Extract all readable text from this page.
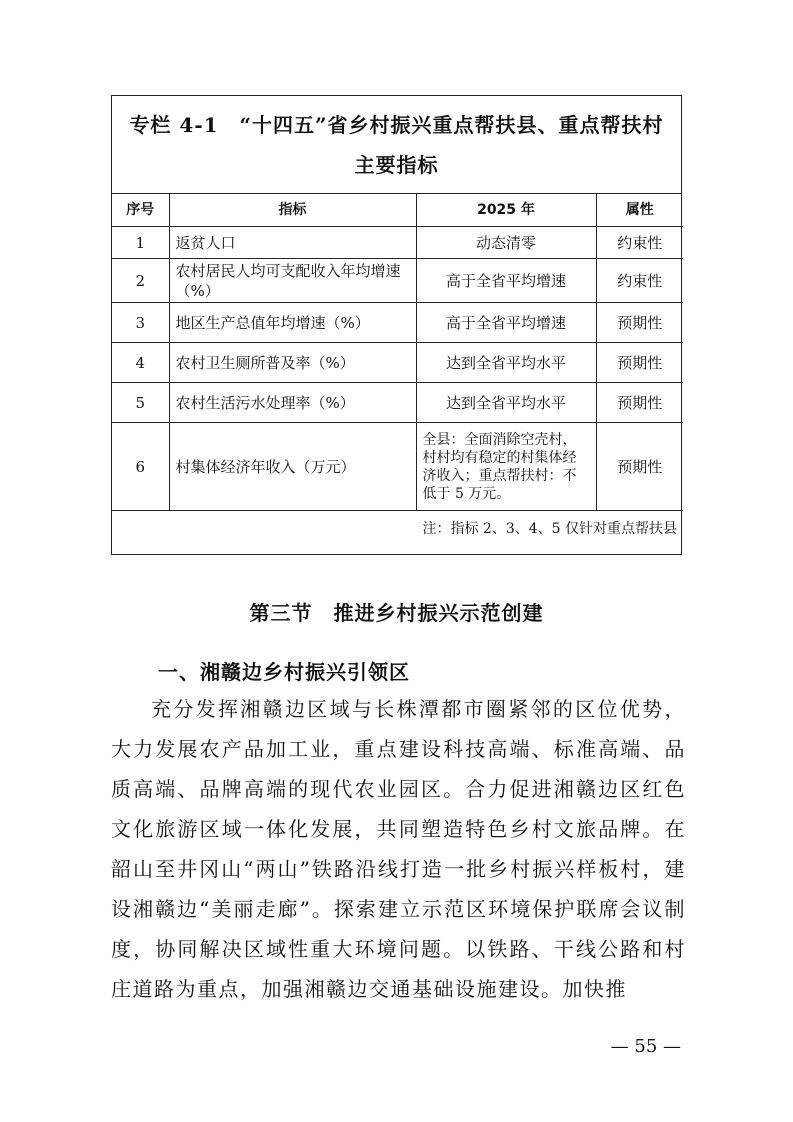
专栏 4-1　“十四五”省乡村振兴重点帮扶县、重点帮扶村
主要指标
序号	指标	2025 年	属性
1	返贫人口	动态清零	约束性
2	农村居民人均可支配收入年均增速（%）	高于全省平均增速	约束性
3	地区生产总值年均增速（%）	高于全省平均增速	预期性
4	农村卫生厕所普及率（%）	达到全省平均水平	预期性
5	农村生活污水处理率（%）	达到全省平均水平	预期性
6	村集体经济年收入（万元）	全县：全面消除空壳村，村村均有稳定的村集体经济收入；重点帮扶村：不低于 5 万元。	预期性
注：指标 2、3、4、5 仅针对重点帮扶县			
第三节　推进乡村振兴示范创建
一、湘赣边乡村振兴引领区

充分发挥湘赣边区域与长株潭都市圈紧邻的区位优势，大力发展农产品加工业，重点建设科技高端、标准高端、品质高端、品牌高端的现代农业园区。合力促进湘赣边区红色文化旅游区域一体化发展，共同塑造特色乡村文旅品牌。在韶山至井冈山“两山”铁路沿线打造一批乡村振兴样板村，建设湘赣边“美丽走廊”。探索建立示范区环境保护联席会议制度，协同解决区域性重大环境问题。以铁路、干线公路和村庄道路为重点，加强湘赣边交通基础设施建设。加快推

— 55 —
